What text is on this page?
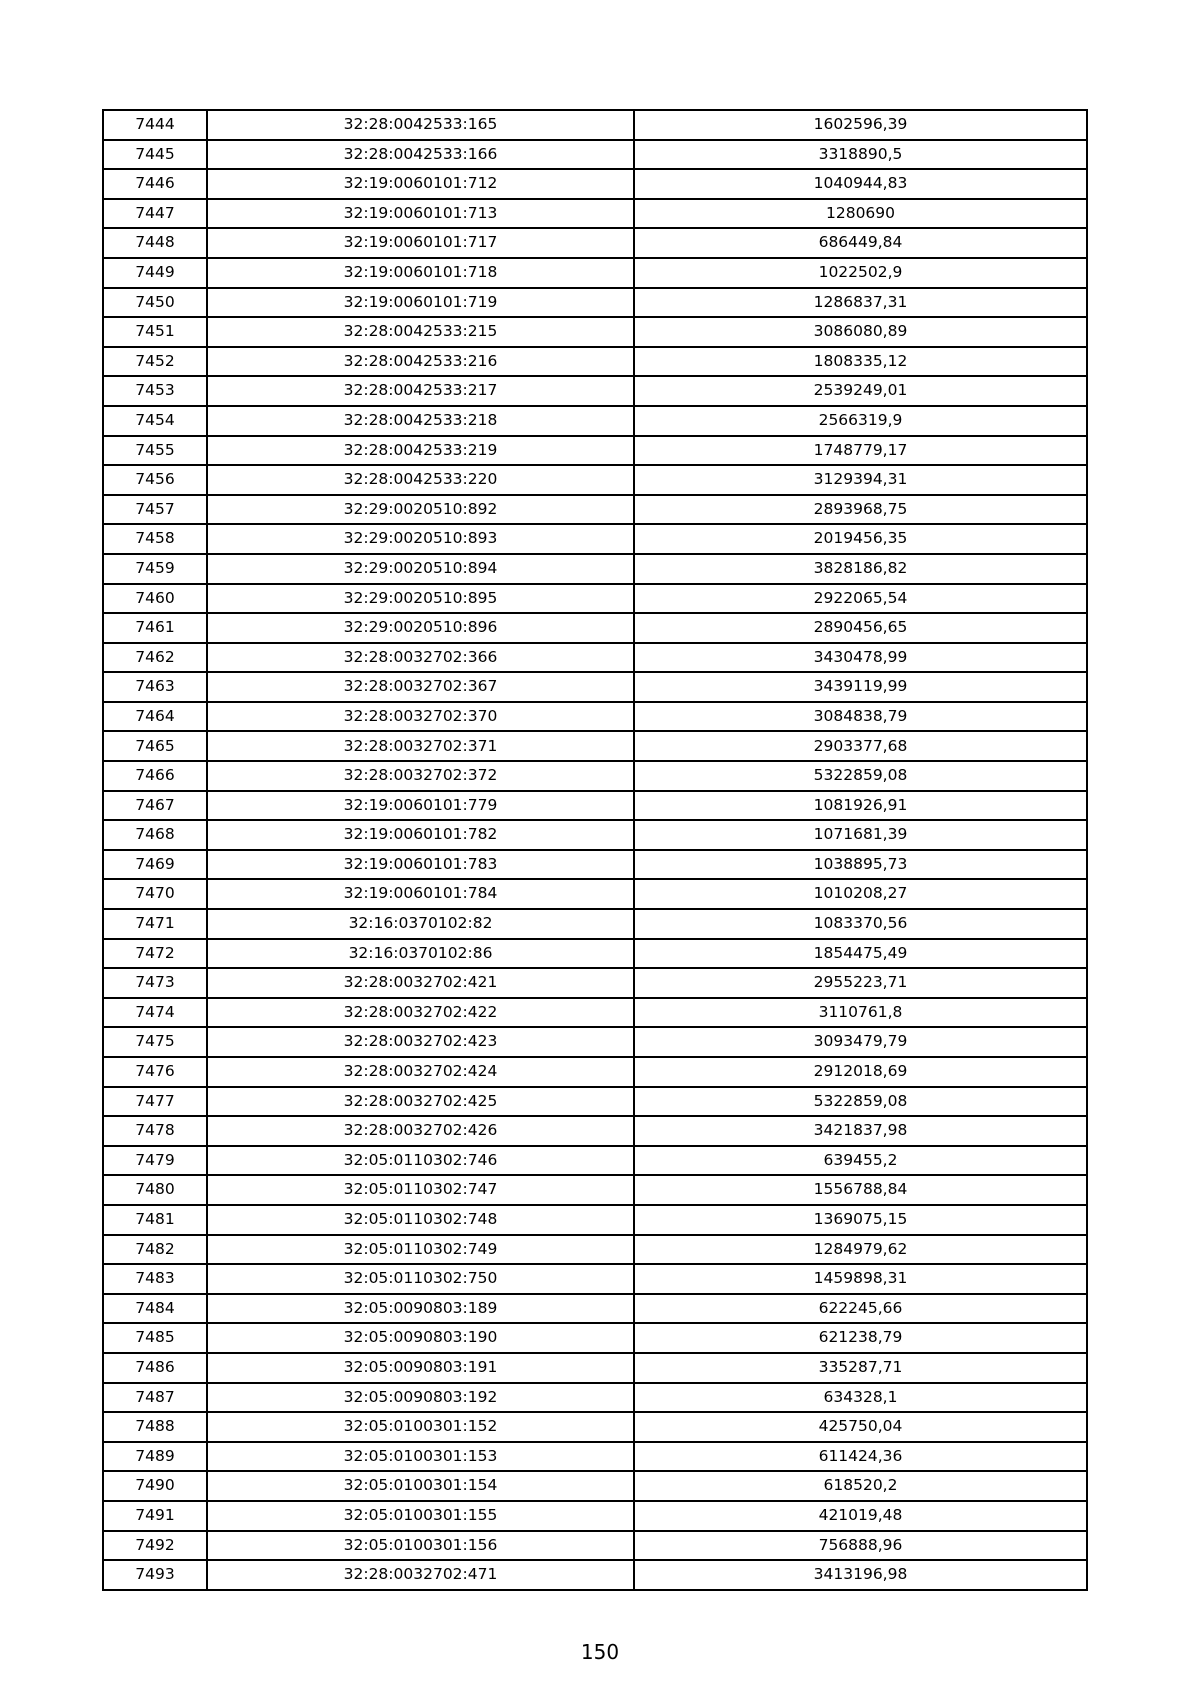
7444	32:28:0042533:165	1602596,39
7445	32:28:0042533:166	3318890,5
7446	32:19:0060101:712	1040944,83
7447	32:19:0060101:713	1280690
7448	32:19:0060101:717	686449,84
7449	32:19:0060101:718	1022502,9
7450	32:19:0060101:719	1286837,31
7451	32:28:0042533:215	3086080,89
7452	32:28:0042533:216	1808335,12
7453	32:28:0042533:217	2539249,01
7454	32:28:0042533:218	2566319,9
7455	32:28:0042533:219	1748779,17
7456	32:28:0042533:220	3129394,31
7457	32:29:0020510:892	2893968,75
7458	32:29:0020510:893	2019456,35
7459	32:29:0020510:894	3828186,82
7460	32:29:0020510:895	2922065,54
7461	32:29:0020510:896	2890456,65
7462	32:28:0032702:366	3430478,99
7463	32:28:0032702:367	3439119,99
7464	32:28:0032702:370	3084838,79
7465	32:28:0032702:371	2903377,68
7466	32:28:0032702:372	5322859,08
7467	32:19:0060101:779	1081926,91
7468	32:19:0060101:782	1071681,39
7469	32:19:0060101:783	1038895,73
7470	32:19:0060101:784	1010208,27
7471	32:16:0370102:82	1083370,56
7472	32:16:0370102:86	1854475,49
7473	32:28:0032702:421	2955223,71
7474	32:28:0032702:422	3110761,8
7475	32:28:0032702:423	3093479,79
7476	32:28:0032702:424	2912018,69
7477	32:28:0032702:425	5322859,08
7478	32:28:0032702:426	3421837,98
7479	32:05:0110302:746	639455,2
7480	32:05:0110302:747	1556788,84
7481	32:05:0110302:748	1369075,15
7482	32:05:0110302:749	1284979,62
7483	32:05:0110302:750	1459898,31
7484	32:05:0090803:189	622245,66
7485	32:05:0090803:190	621238,79
7486	32:05:0090803:191	335287,71
7487	32:05:0090803:192	634328,1
7488	32:05:0100301:152	425750,04
7489	32:05:0100301:153	611424,36
7490	32:05:0100301:154	618520,2
7491	32:05:0100301:155	421019,48
7492	32:05:0100301:156	756888,96
7493	32:28:0032702:471	3413196,98
150
